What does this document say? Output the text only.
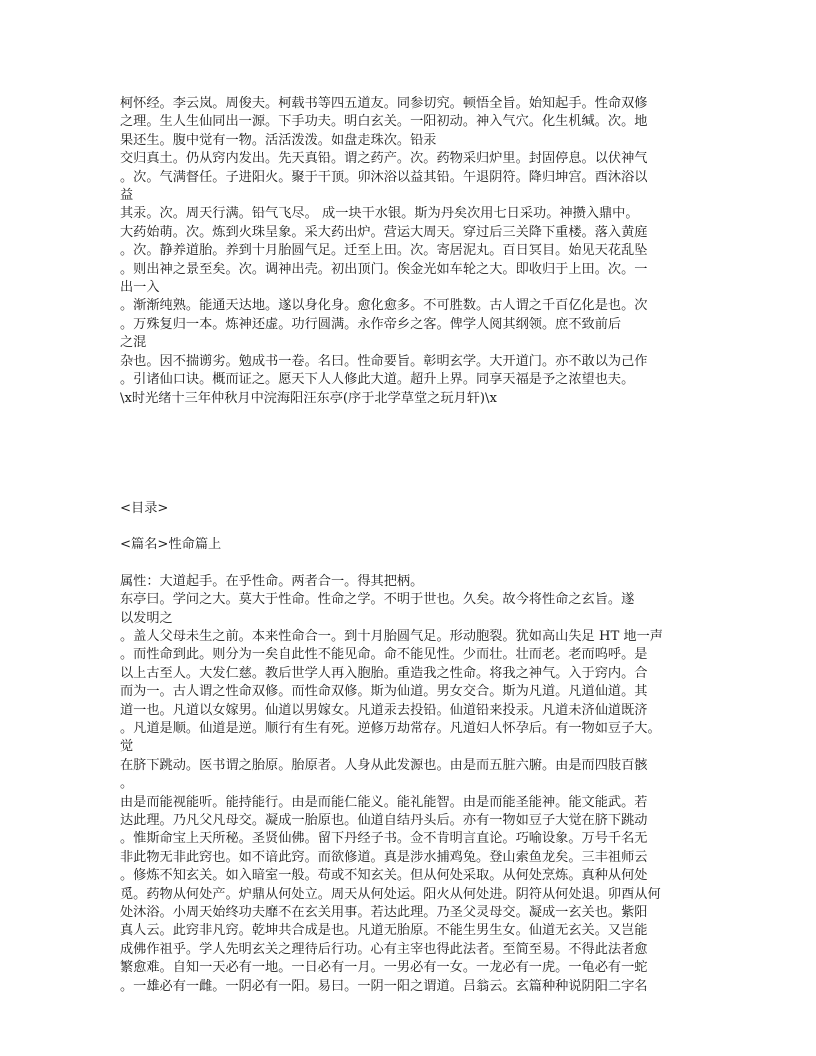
柯怀经。李云岚。周俊夫。柯载书等四五道友。同参切究。顿悟全旨。始知起手。性命双修
之理。生人生仙同出一源。下手功夫。明白玄关。一阳初动。神入气穴。化生机缄。次。地
果还生。腹中觉有一物。活活泼泼。如盘走珠次。铅汞
交归真土。仍从窍内发出。先天真铅。谓之药产。次。药物采归炉里。封固停息。以伏神气
。次。气满督任。子进阳火。聚于干顶。卯沐浴以益其铅。午退阴符。降归坤宫。酉沐浴以
益
其汞。次。周天行满。铅气飞尽。 成一块干水银。斯为丹矣次用七日采功。神攒入鼎中。
大药始萌。次。炼到火珠呈象。采大药出炉。营运大周天。穿过后三关降下重楼。落入黄庭
。次。静养道胎。养到十月胎圆气足。迁至上田。次。寄居泥丸。百日冥目。始见天花乱坠
。则出神之景至矣。次。调神出壳。初出顶门。俟金光如车轮之大。即收归于上田。次。一
出一入
。渐渐纯熟。能通天达地。遂以身化身。愈化愈多。不可胜数。古人谓之千百亿化是也。次
。万殊复归一本。炼神还虚。功行圆满。永作帝乡之客。俾学人阅其纲领。庶不致前后
之混
杂也。因不揣谫劣。勉成书一卷。名曰。性命要旨。彰明玄学。大开道门。亦不敢以为己作
。引诸仙口诀。概而证之。愿天下人人修此大道。超升上界。同享天福是予之浓望也夫。
\x时光绪十三年仲秋月中浣海阳汪东亭(序于北学草堂之玩月轩)\x
<目录>
<篇名>性命篇上
属性：大道起手。在乎性命。两者合一。得其把柄。
东亭曰。学问之大。莫大于性命。性命之学。不明于世也。久矣。故今将性命之玄旨。遂
以发明之
。盖人父母未生之前。本来性命合一。到十月胎圆气足。形动胞裂。犹如高山失足 HT 地一声
。而性命到此。则分为一矣自此性不能见命。命不能见性。少而壮。壮而老。老而呜呼。是
以上古至人。大发仁慈。教后世学人再入胞胎。重造我之性命。将我之神气。入于窍内。合
而为一。古人谓之性命双修。而性命双修。斯为仙道。男女交合。斯为凡道。凡道仙道。其
道一也。凡道以女嫁男。仙道以男嫁女。凡道汞去投铅。仙道铅来投汞。凡道未济仙道既济
。凡道是顺。仙道是逆。顺行有生有死。逆修万劫常存。凡道妇人怀孕后。有一物如豆子大。
觉
在脐下跳动。医书谓之胎原。胎原者。人身从此发源也。由是而五脏六腑。由是而四肢百骸
。
由是而能视能听。能持能行。由是而能仁能义。能礼能智。由是而能圣能神。能文能武。若
达此理。乃凡父凡母交。凝成一胎原也。仙道自结丹头后。亦有一物如豆子大觉在脐下跳动
。惟斯命宝上天所秘。圣贤仙佛。留下丹经子书。佥不肯明言直论。巧喻设象。万号千名无
非此物无非此窍也。如不谙此窍。而欲修道。真是涉水捕鸡兔。登山索鱼龙矣。三丰祖师云
。修炼不知玄关。如入暗室一般。苟或不知玄关。但从何处采取。从何处烹炼。真种从何处
觅。药物从何处产。炉鼎从何处立。周天从何处运。阳火从何处进。阴符从何处退。卯酉从何
处沐浴。小周天始终功夫靡不在玄关用事。若达此理。乃圣父灵母交。凝成一玄关也。紫阳
真人云。此窍非凡窍。乾坤共合成是也。凡道无胎原。不能生男生女。仙道无玄关。又岂能
成佛作祖乎。学人先明玄关之理待后行功。心有主宰也得此法者。至简至易。不得此法者愈
繁愈难。自知一天必有一地。一日必有一月。一男必有一女。一龙必有一虎。一龟必有一蛇
。一雄必有一雌。一阴必有一阳。易曰。一阴一阳之谓道。吕翁云。玄篇种种说阴阳二字名
